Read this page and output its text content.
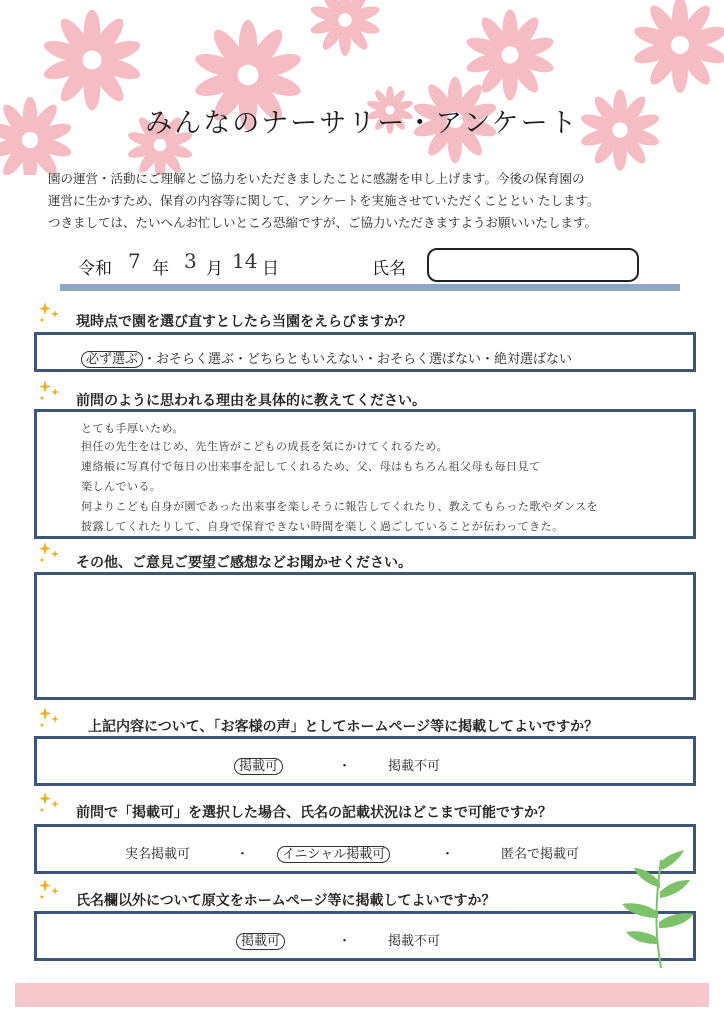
みんなのナーサリー・アンケート

園の運営・活動にご理解とご協力をいただきましたことに感謝を申し上げます。今後の保育園の

運営に生かすため、保育の内容等に関して、アンケートを実施させていただくこととい たします。

つきましては、たいへんお忙しいところ恐縮ですが、ご協力いただきますようお願いいたします。

令和 7 年 3 月 14 日	氏名
現時点で園を選び直すとしたら当園をえらびますか？
必ず選ぶ ・おそらく選ぶ・どちらともいえない・おそらく選ばない・絶対選ばない
前問のように思われる理由を具体的に教えてください。
とても手厚いため。
担任の先生をはじめ、先生皆がこどもの成長を気にかけてくれるため。
連絡帳に写真付で毎日の出来事を記してくれるため、父、母はもちろん祖父母も毎日見て
楽しんでいる。
何よりこども自身が園であった出来事を楽しそうに報告してくれたり、教えてもらった歌やダンスを
披露してくれたりして、自身で保育できない時間を楽しく過ごしていることが伝わってきた。
その他、ご意見ご要望ご感想などお聞かせください。
上記内容について、「お客様の声」としてホームページ等に掲載してよいですか？
掲載可	・	掲載不可
前問で「掲載可」を選択した場合、氏名の記載状況はどこまで可能ですか？
実名掲載可	・	イニシャル掲載可	・	匿名で掲載可
氏名欄以外について原文をホームページ等に掲載してよいですか？
掲載可	・	掲載不可
